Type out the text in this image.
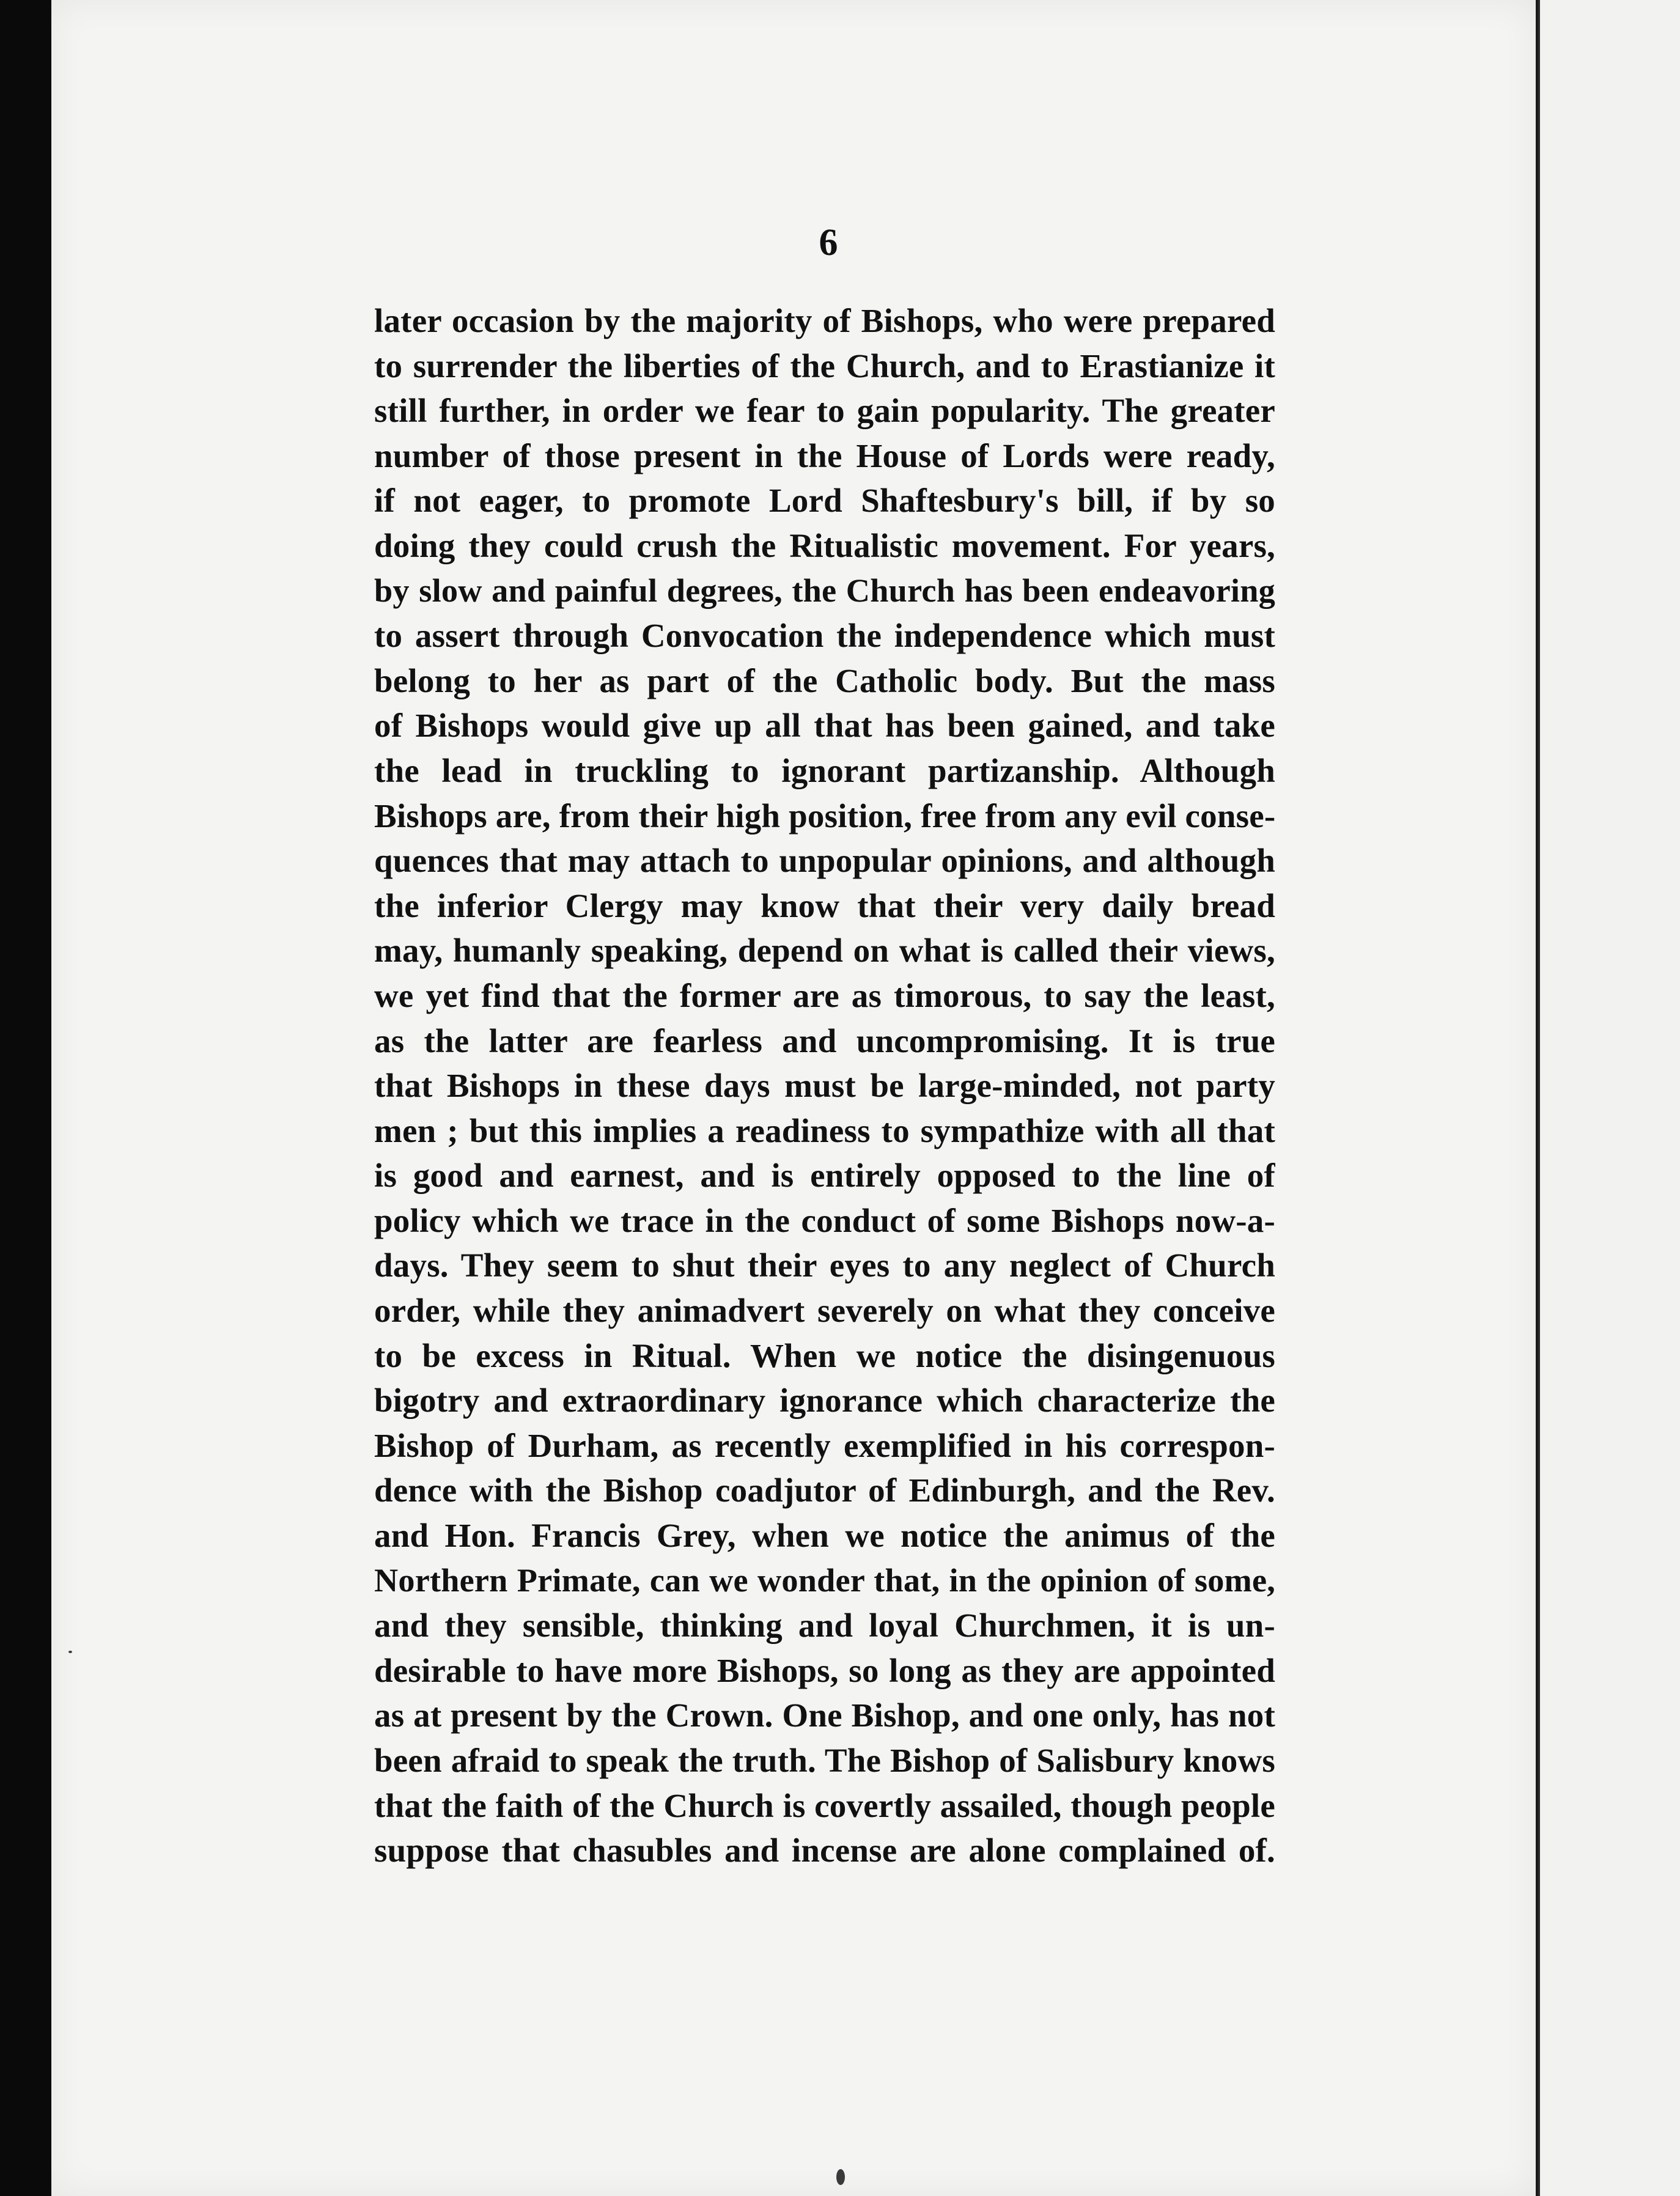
6
later occasion by the majority of Bishops, who were prepared
to surrender the liberties of the Church, and to Erastianize it
still further, in order we fear to gain popularity. The greater
number of those present in the House of Lords were ready,
if not eager, to promote Lord Shaftesbury's bill, if by so
doing they could crush the Ritualistic movement. For years,
by slow and painful degrees, the Church has been endeavoring
to assert through Convocation the independence which must
belong to her as part of the Catholic body. But the mass
of Bishops would give up all that has been gained, and take
the lead in truckling to ignorant partizanship. Although
Bishops are, from their high position, free from any evil conse-
quences that may attach to unpopular opinions, and although
the inferior Clergy may know that their very daily bread
may, humanly speaking, depend on what is called their views,
we yet find that the former are as timorous, to say the least,
as the latter are fearless and uncompromising. It is true
that Bishops in these days must be large-minded, not party
men ; but this implies a readiness to sympathize with all that
is good and earnest, and is entirely opposed to the line of
policy which we trace in the conduct of some Bishops now-a-
days. They seem to shut their eyes to any neglect of Church
order, while they animadvert severely on what they conceive
to be excess in Ritual. When we notice the disingenuous
bigotry and extraordinary ignorance which characterize the
Bishop of Durham, as recently exemplified in his correspon-
dence with the Bishop coadjutor of Edinburgh, and the Rev.
and Hon. Francis Grey, when we notice the animus of the
Northern Primate, can we wonder that, in the opinion of some,
and they sensible, thinking and loyal Churchmen, it is un-
desirable to have more Bishops, so long as they are appointed
as at present by the Crown. One Bishop, and one only, has not
been afraid to speak the truth. The Bishop of Salisbury knows
that the faith of the Church is covertly assailed, though people
suppose that chasubles and incense are alone complained of.
